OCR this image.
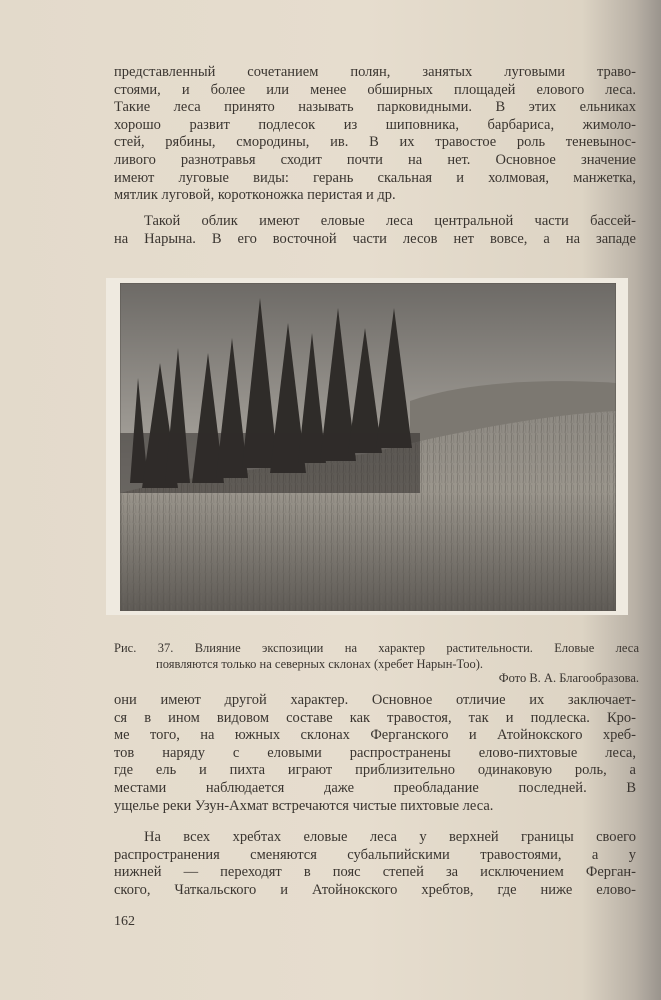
представленный сочетанием полян, занятых луговыми траво-
стоями, и более или менее обширных площадей елового леса.
Такие леса принято называть парковидными. В этих ельниках
хорошо развит подлесок из шиповника, барбариса, жимоло-
стей, рябины, смородины, ив. В их травостое роль теневынос-
ливого разнотравья сходит почти на нет. Основное значение
имеют луговые виды: герань скальная и холмовая, манжетка,
мятлик луговой, коротконожка перистая и др.
Такой облик имеют еловые леса центральной части бассей-
на Нарына. В его восточной части лесов нет вовсе, а на западе
Рис. 37. Влияние экспозиции на характер растительности. Еловые леса
появляются только на северных склонах (хребет Нарын-Тоо).
Фото В. А. Благообразова.
они имеют другой характер. Основное отличие их заключает-
ся в ином видовом составе как травостоя, так и подлеска. Кро-
ме того, на южных склонах Ферганского и Атойнокского хреб-
тов наряду с еловыми распространены елово-пихтовые леса,
где ель и пихта играют приблизительно одинаковую роль, а
местами наблюдается даже преобладание последней. В
ущелье реки Узун-Ахмат встречаются чистые пихтовые леса.
На всех хребтах еловые леса у верхней границы своего
распространения сменяются субальпийскими травостоями, а у
нижней — переходят в пояс степей за исключением Ферган-
ского, Чаткальского и Атойнокского хребтов, где ниже елово-
162
